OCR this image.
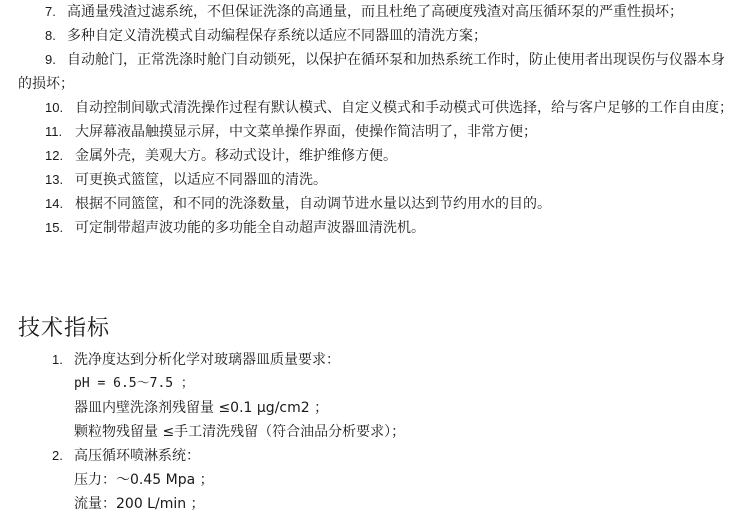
7. 高通量残渣过滤系统，不但保证洗涤的高通量，而且杜绝了高硬度残渣对高压循环泵的严重性损坏；
8. 多种自定义清洗模式自动编程保存系统以适应不同器皿的清洗方案；
9. 自动舱门，正常洗涤时舱门自动锁死，以保护在循环泵和加热系统工作时，防止使用者出现误伤与仪器本身的损坏；
10. 自动控制间歇式清洗操作过程有默认模式、自定义模式和手动模式可供选择，给与客户足够的工作自由度；
11. 大屏幕液晶触摸显示屏，中文菜单操作界面，使操作简洁明了，非常方便；
12. 金属外壳，美观大方。移动式设计，维护维修方便。
13. 可更换式篮筐，以适应不同器皿的清洗。
14. 根据不同篮筐，和不同的洗涤数量，自动调节进水量以达到节约用水的目的。
15. 可定制带超声波功能的多功能全自动超声波器皿清洗机。
技术指标
1. 洗净度达到分析化学对玻璃器皿质量要求：
pH = 6.5～7.5 ；
器皿内壁洗涤剂残留量 ≤0.1 μg/cm2 ；
颗粒物残留量 ≤手工清洗残留（符合油品分析要求）；
2. 高压循环喷淋系统：
压力：～0.45 Mpa ；
流量：200 L/min ；
